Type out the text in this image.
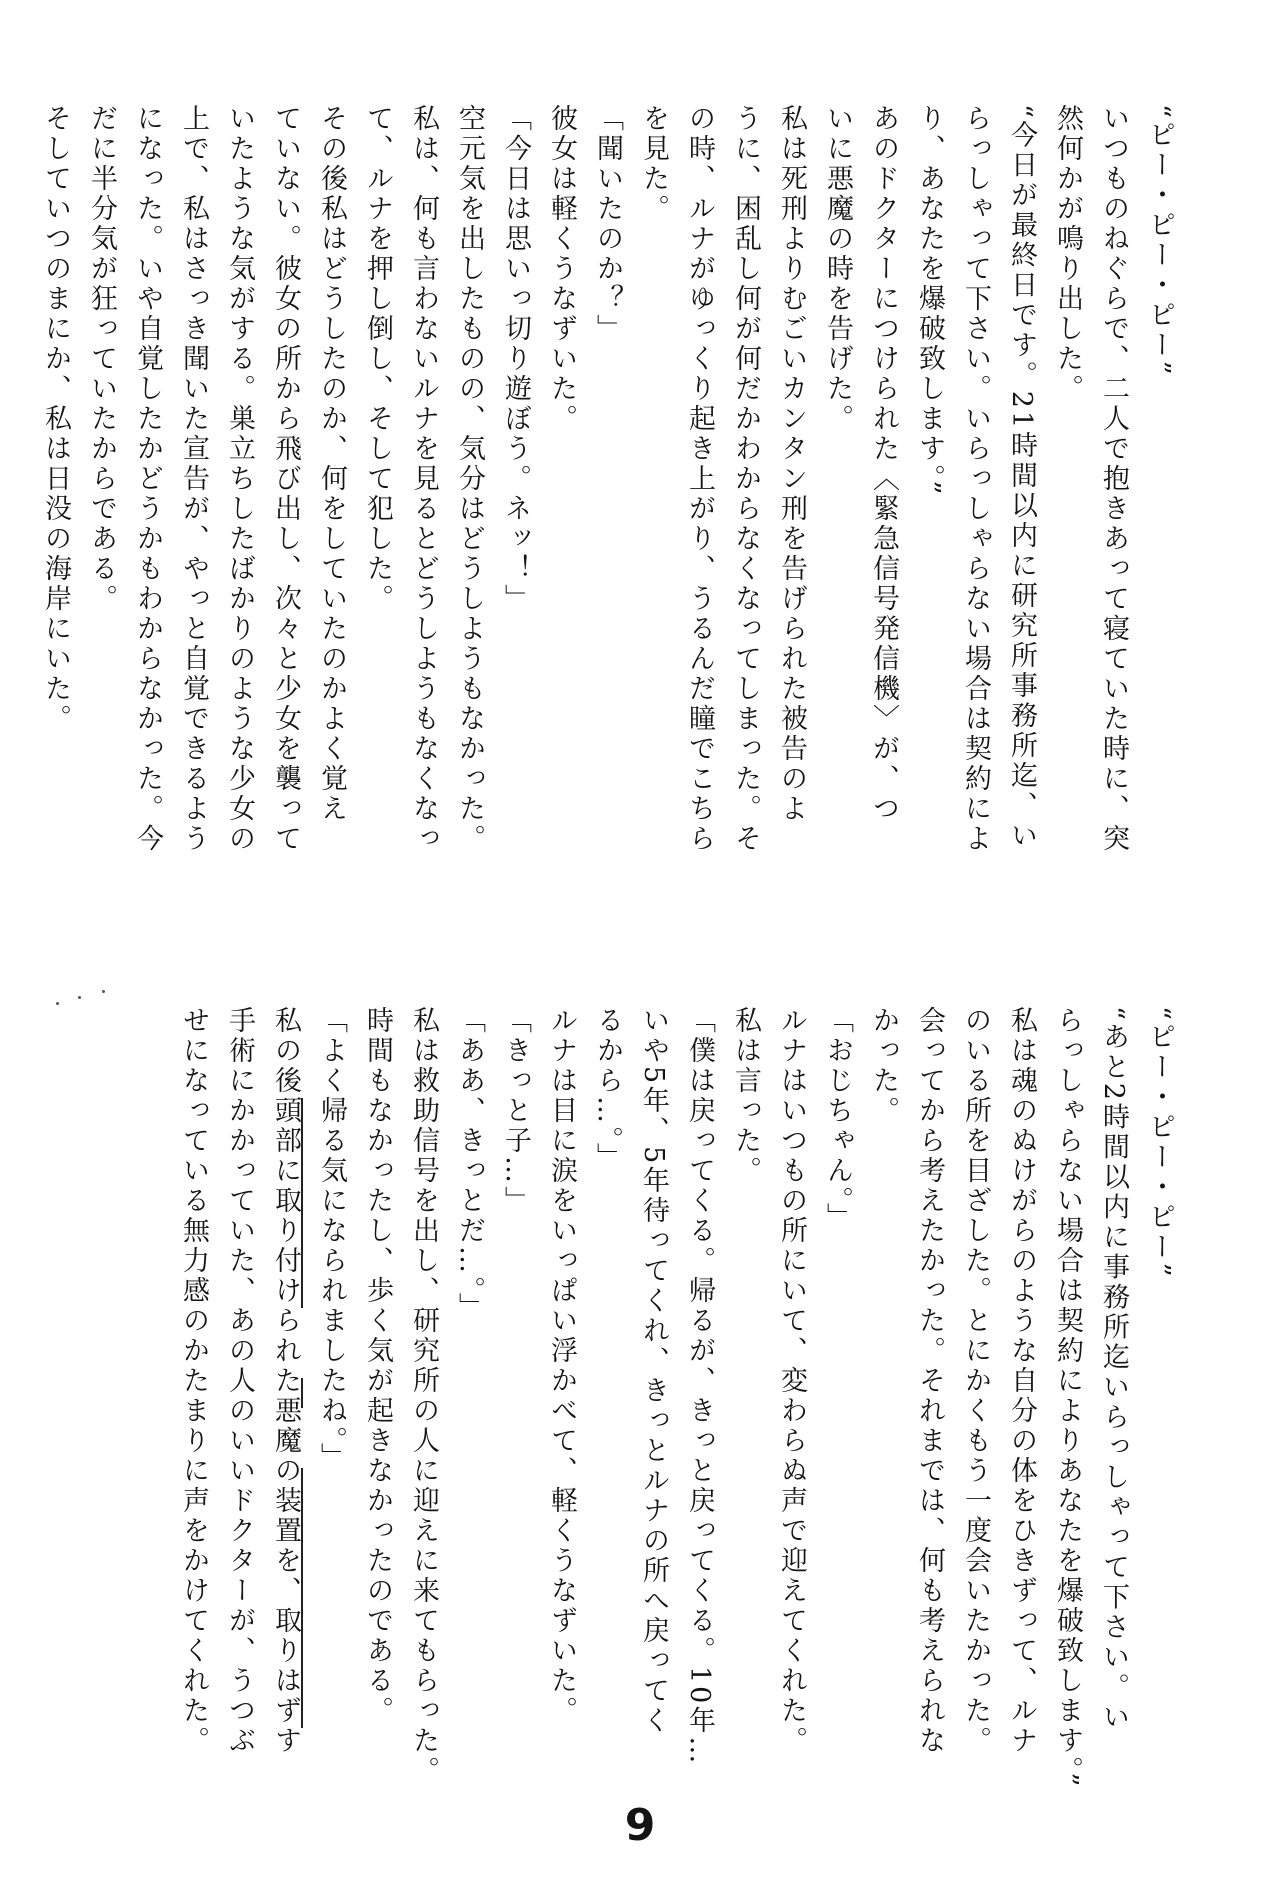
“ピー・ピー・ピー”
いつものねぐらで、二人で抱きあって寝ていた時に、突
然何かが鳴り出した。
“今日が最終日です。21時間以内に研究所事務所迄、い
らっしゃって下さい。いらっしゃらない場合は契約によ
り、あなたを爆破致します。”
あのドクターにつけられた〈緊急信号発信機〉が、つ
いに悪魔の時を告げた。
私は死刑よりむごいカンタン刑を告げられた被告のよ
うに、困乱し何が何だかわからなくなってしまった。そ
の時、ルナがゆっくり起き上がり、うるんだ瞳でこちら
を見た。
「聞いたのか？」
彼女は軽くうなずいた。
「今日は思いっ切り遊ぼう。ネッ！」
空元気を出したものの、気分はどうしようもなかった。
私は、何も言わないルナを見るとどうしようもなくなっ
て、ルナを押し倒し、そして犯した。
その後私はどうしたのか、何をしていたのかよく覚え
ていない。彼女の所から飛び出し、次々と少女を襲って
いたような気がする。巣立ちしたばかりのような少女の
上で、私はさっき聞いた宣告が、やっと自覚できるよう
になった。いや自覚したかどうかもわからなかった。今
だに半分気が狂っていたからである。
そしていつのまにか、私は日没の海岸にいた。
“ピー・ピー・ピー”
“あと2時間以内に事務所迄いらっしゃって下さい。い
らっしゃらない場合は契約によりあなたを爆破致します。”
私は魂のぬけがらのような自分の体をひきずって、ルナ
のいる所を目ざした。とにかくもう一度会いたかった。
会ってから考えたかった。それまでは、何も考えられな
かった。
「おじちゃん。」
ルナはいつもの所にいて、変わらぬ声で迎えてくれた。
私は言った。
「僕は戻ってくる。帰るが、きっと戻ってくる。10年…
いや5年、5年待ってくれ、きっとルナの所へ戻ってく
るから…。」
ルナは目に涙をいっぱい浮かべて、軽くうなずいた。
「きっと子…」
「ああ、きっとだ…。」
私は救助信号を出し、研究所の人に迎えに来てもらった。
時間もなかったし、歩く気が起きなかったのである。
「よく帰る気になられましたね。」
私の後頭部に取り付けられた悪魔の装置を、取りはずす
手術にかかっていた、あの人のいいドクターが、うつぶ
せになっている無力感のかたまりに声をかけてくれた。
9
